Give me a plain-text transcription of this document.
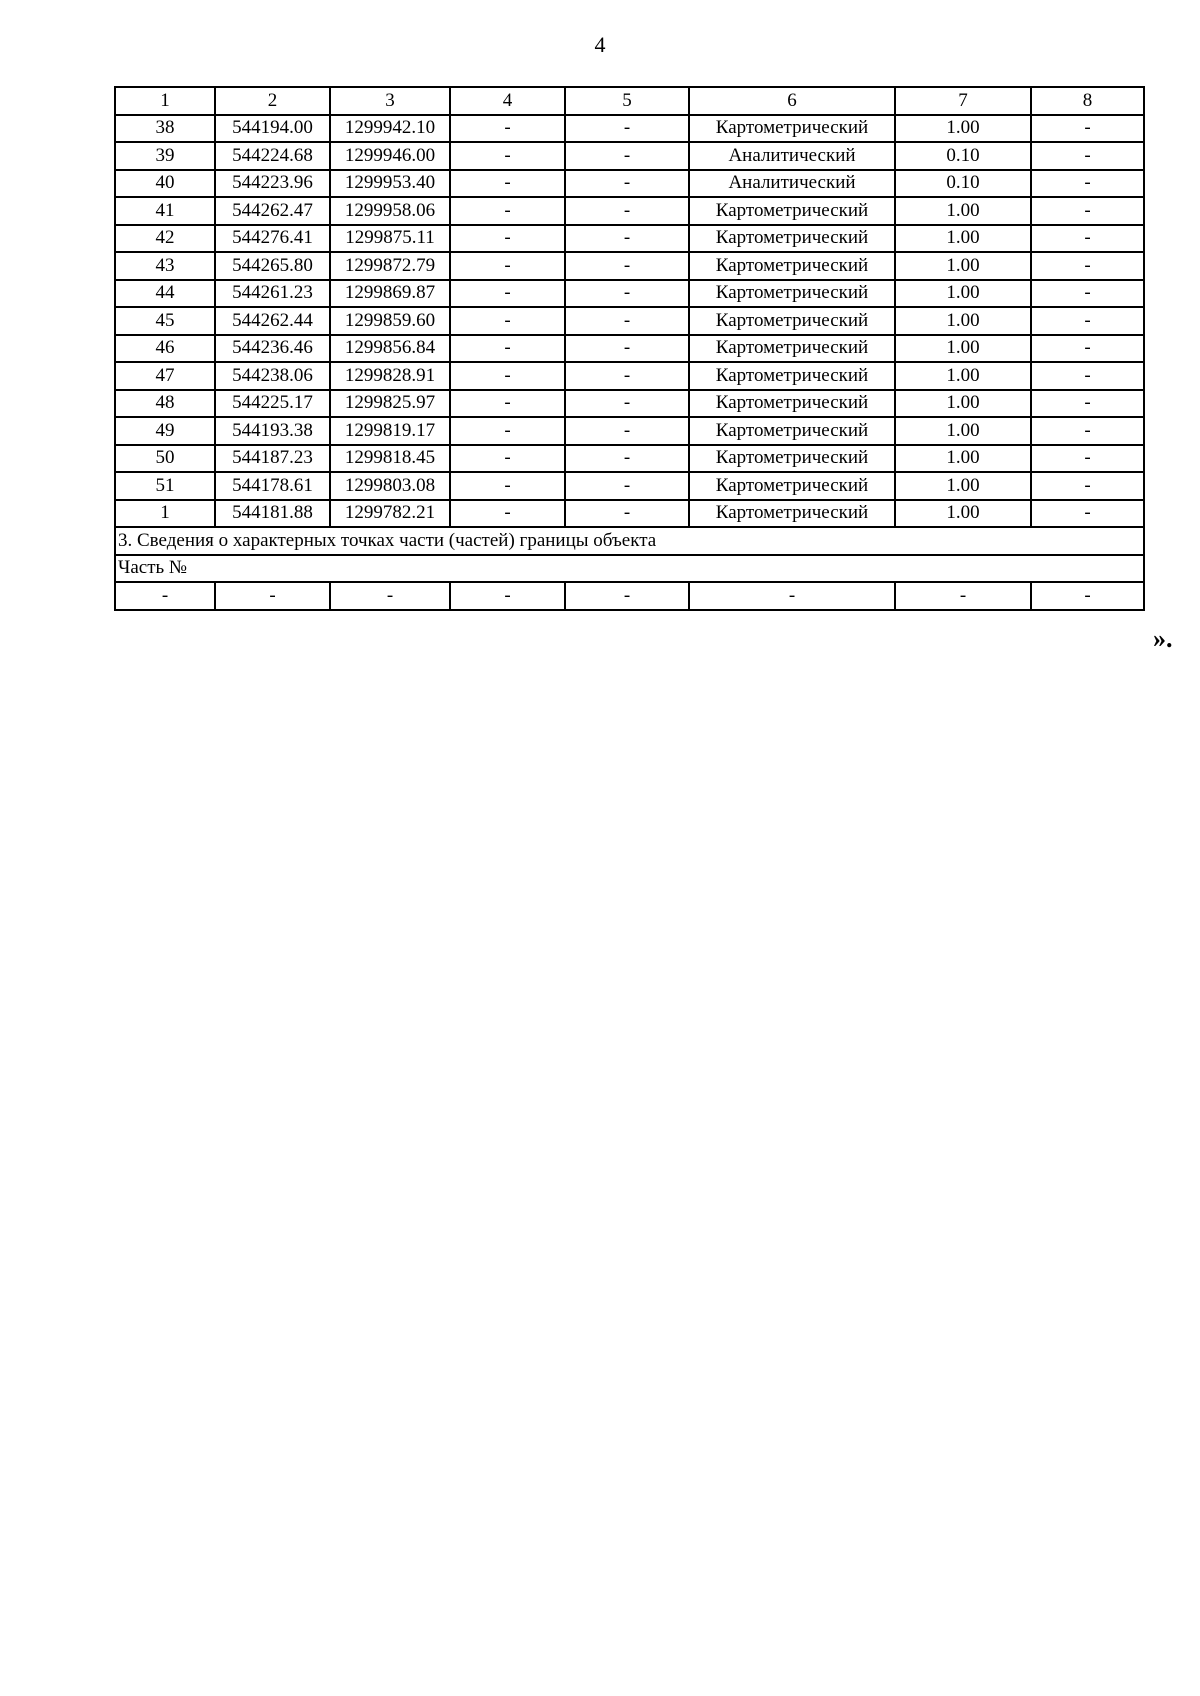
4
1	2	3	4	5	6	7	8
38	544194.00	1299942.10	-	-	Картометрический	1.00	-
39	544224.68	1299946.00	-	-	Аналитический	0.10	-
40	544223.96	1299953.40	-	-	Аналитический	0.10	-
41	544262.47	1299958.06	-	-	Картометрический	1.00	-
42	544276.41	1299875.11	-	-	Картометрический	1.00	-
43	544265.80	1299872.79	-	-	Картометрический	1.00	-
44	544261.23	1299869.87	-	-	Картометрический	1.00	-
45	544262.44	1299859.60	-	-	Картометрический	1.00	-
46	544236.46	1299856.84	-	-	Картометрический	1.00	-
47	544238.06	1299828.91	-	-	Картометрический	1.00	-
48	544225.17	1299825.97	-	-	Картометрический	1.00	-
49	544193.38	1299819.17	-	-	Картометрический	1.00	-
50	544187.23	1299818.45	-	-	Картометрический	1.00	-
51	544178.61	1299803.08	-	-	Картометрический	1.00	-
1	544181.88	1299782.21	-	-	Картометрический	1.00	-
3. Сведения о характерных точках части (частей) границы объекта							
Часть №							
-	-	-	-	-	-	-	-
».
